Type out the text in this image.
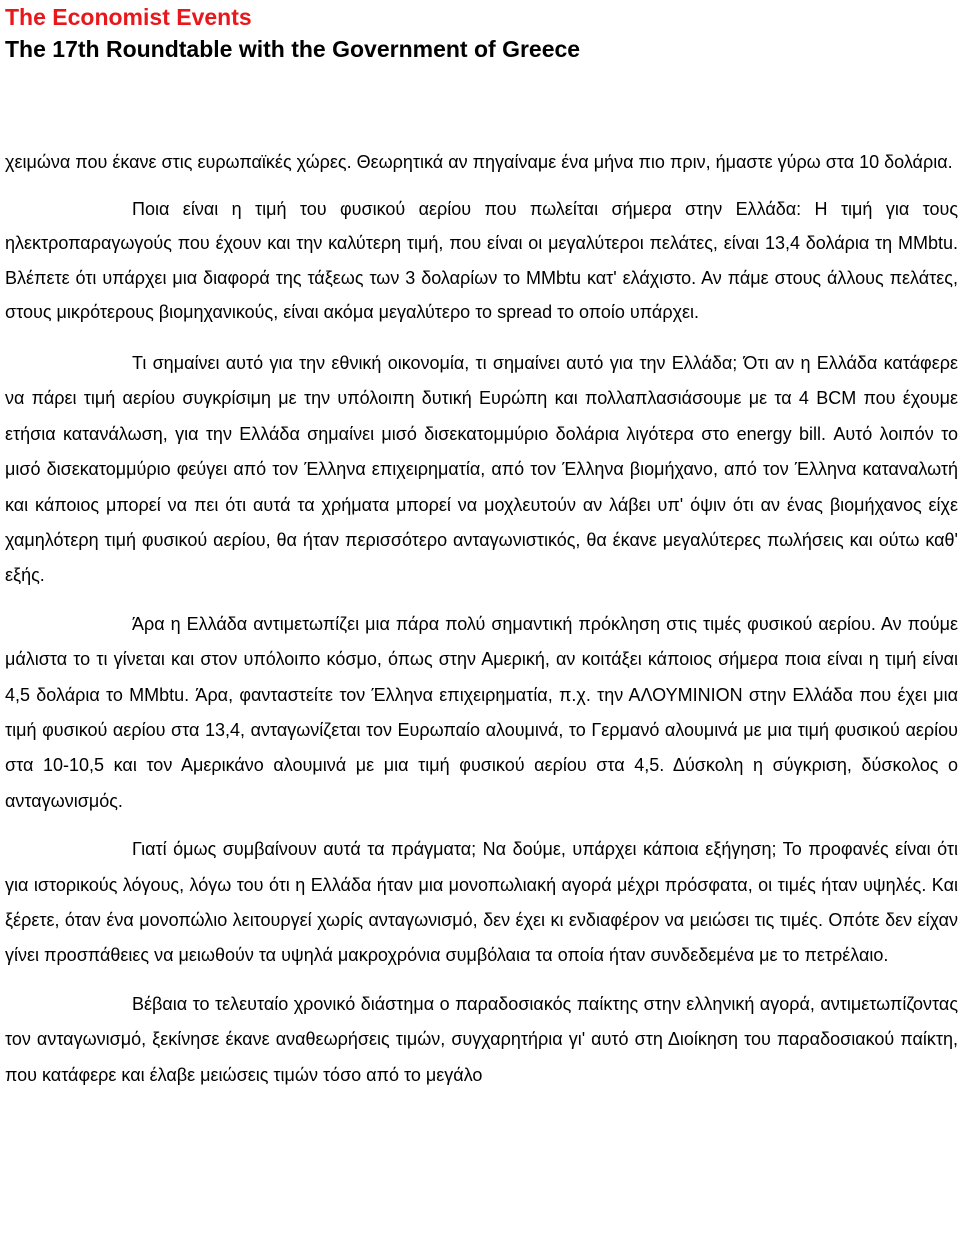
The Economist Events
The 17th Roundtable with the Government of Greece

χειμώνα που έκανε στις ευρωπαϊκές χώρες. Θεωρητικά αν πηγαίναμε ένα μήνα πιο πριν, ήμαστε γύρω στα 10 δολάρια.

Ποια είναι η τιμή του φυσικού αερίου που πωλείται σήμερα στην Ελλάδα: Η τιμή για τους ηλεκτροπαραγωγούς που έχουν και την καλύτερη τιμή, που είναι οι μεγαλύτεροι πελάτες, είναι 13,4 δολάρια τη MMbtu. Βλέπετε ότι υπάρχει μια διαφορά της τάξεως των 3 δολαρίων το MMbtu κατ' ελάχιστο. Αν πάμε στους άλλους πελάτες, στους μικρότερους βιομηχανικούς, είναι ακόμα μεγαλύτερο το spread το οποίο υπάρχει.

Τι σημαίνει αυτό για την εθνική οικονομία, τι σημαίνει αυτό για την Ελλάδα; Ότι αν η Ελλάδα κατάφερε να πάρει τιμή αερίου συγκρίσιμη με την υπόλοιπη δυτική Ευρώπη και πολλαπλασιάσουμε με τα 4 BCM που έχουμε ετήσια κατανάλωση, για την Ελλάδα σημαίνει μισό δισεκατομμύριο δολάρια λιγότερα στο energy bill. Αυτό λοιπόν το μισό δισεκατομμύριο φεύγει από τον Έλληνα επιχειρηματία, από τον Έλληνα βιομήχανο, από τον Έλληνα καταναλωτή και κάποιος μπορεί να πει ότι αυτά τα χρήματα μπορεί να μοχλευτούν αν λάβει υπ' όψιν ότι αν ένας βιομήχανος είχε χαμηλότερη τιμή φυσικού αερίου, θα ήταν περισσότερο ανταγωνιστικός, θα έκανε μεγαλύτερες πωλήσεις και ούτω καθ' εξής.

Άρα η Ελλάδα αντιμετωπίζει μια πάρα πολύ σημαντική πρόκληση στις τιμές φυσικού αερίου. Αν πούμε μάλιστα το τι γίνεται και στον υπόλοιπο κόσμο, όπως στην Αμερική, αν κοιτάξει κάποιος σήμερα ποια είναι η τιμή είναι 4,5 δολάρια το MMbtu. Άρα, φανταστείτε τον Έλληνα επιχειρηματία, π.χ. την ΑΛΟΥΜΙΝΙΟΝ στην Ελλάδα που έχει μια τιμή φυσικού αερίου στα 13,4, ανταγωνίζεται τον Ευρωπαίο αλουμινά, το Γερμανό αλουμινά με μια τιμή φυσικού αερίου στα 10-10,5 και τον Αμερικάνο αλουμινά με μια τιμή φυσικού αερίου στα 4,5. Δύσκολη η σύγκριση, δύσκολος ο ανταγωνισμός.

Γιατί όμως συμβαίνουν αυτά τα πράγματα; Να δούμε, υπάρχει κάποια εξήγηση; Το προφανές είναι ότι για ιστορικούς λόγους, λόγω του ότι η Ελλάδα ήταν μια μονοπωλιακή αγορά μέχρι πρόσφατα, οι τιμές ήταν υψηλές. Και ξέρετε, όταν ένα μονοπώλιο λειτουργεί χωρίς ανταγωνισμό, δεν έχει κι ενδιαφέρον να μειώσει τις τιμές. Οπότε δεν είχαν γίνει προσπάθειες να μειωθούν τα υψηλά μακροχρόνια συμβόλαια τα οποία ήταν συνδεδεμένα με το πετρέλαιο.

Βέβαια το τελευταίο χρονικό διάστημα ο παραδοσιακός παίκτης στην ελληνική αγορά, αντιμετωπίζοντας τον ανταγωνισμό, ξεκίνησε έκανε αναθεωρήσεις τιμών, συγχαρητήρια γι' αυτό στη Διοίκηση του παραδοσιακού παίκτη, που κατάφερε και έλαβε μειώσεις τιμών τόσο από το μεγάλο
